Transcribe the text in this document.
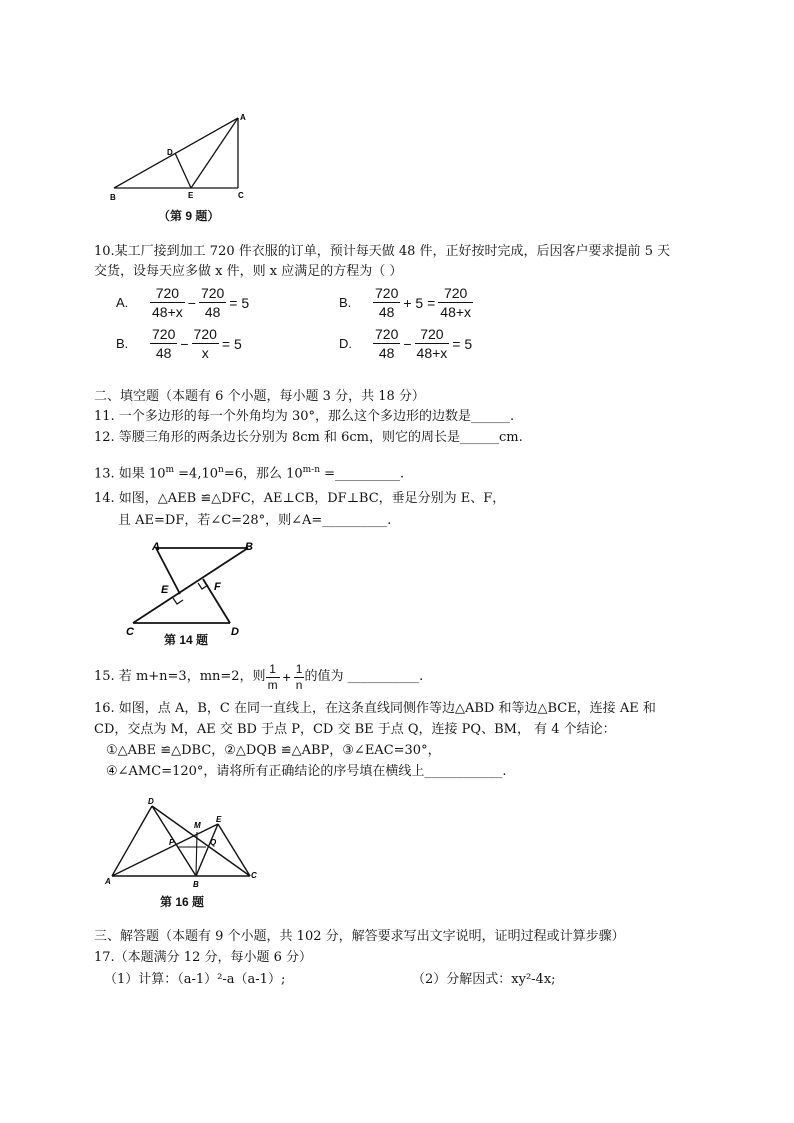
A
B	C
D
E
（第 9 题）
10.某工厂接到加工 720 件衣服的订单，预计每天做 48 件，正好按时完成，后因客户要求提前 5 天
交货，设每天应多做 x 件，则 x 应满足的方程为（ ）
A. $\frac{720}{48+x} - \frac{720}{48} = 5$	B. $\frac{720}{48} + 5 = \frac{720}{48+x}$
B. $\frac{720}{48} - \frac{720}{x} = 5$	D. $\frac{720}{48} - \frac{720}{48+x} = 5$
二、填空题（本题有 6 个小题，每小题 3 分，共 18 分）
11. 一个多边形的每一个外角均为 30°，那么这个多边形的边数是______.
12. 等腰三角形的两条边长分别为 8cm 和 6cm，则它的周长是______cm.
13. 如果 $10^m =4,10^n=6$，那么 $10^{m-n}$ =__________.
14. 如图，△AEB ≌△DFC，AE⊥CB，DF⊥BC，垂足分别为 E、F，
且 AE=DF，若∠C=28°，则∠A=__________.
A	B
C	D
E	F
第 14 题
15. 若 m+n=3，mn=2，则 $\frac{1}{m} + \frac{1}{n}$ 的值为 ___________.
16. 如图，点 A，B，C 在同一直线上，在这条直线同侧作等边△ABD 和等边△BCE，连接 AE 和
CD，交点为 M，AE 交 BD 于点 P，CD 交 BE 于点 Q，连接 PQ、BM， 有 4 个结论：
①△ABE ≌△DBC，②△DQB ≌△ABP，③∠EAC=30°，
④∠AMC=120°，请将所有正确结论的序号填在横线上____________.
D
E
M
P	Q
A	B
C
第 16 题
三、解答题（本题有 9 个小题，共 102 分，解答要求写出文字说明，证明过程或计算步骤）
17.（本题满分 12 分，每小题 6 分）
（1）计算：（a-1）²-a（a-1）;	（2）分解因式：xy²-4x;
